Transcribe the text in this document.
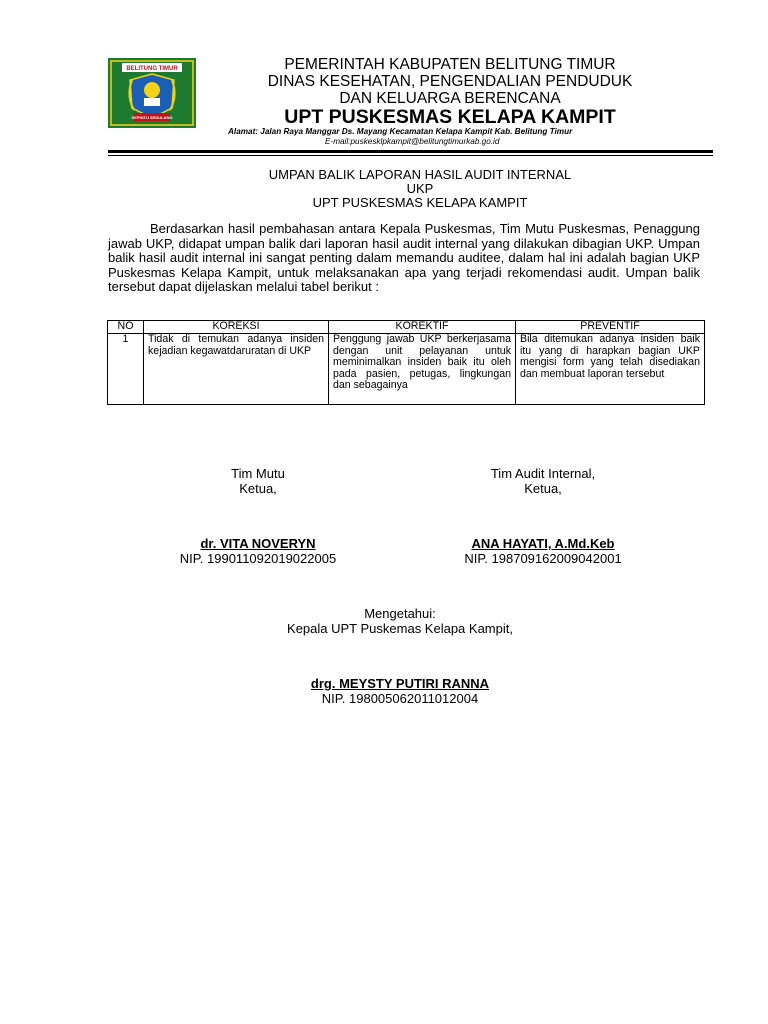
BELITUNG TIMUR
SEPINTU SEDULANG
PEMERINTAH KABUPATEN BELITUNG TIMUR
DINAS KESEHATAN, PENGENDALIAN PENDUDUK
DAN KELUARGA BERENCANA
UPT PUSKESMAS KELAPA KAMPIT
Alamat: Jalan Raya Manggar Ds. Mayang Kecamatan Kelapa Kampit Kab. Belitung Timur
E-mail:puskesklpkampit@belitungtimurkab.go.id
UMPAN BALIK LAPORAN HASIL AUDIT INTERNAL
UKP
UPT PUSKESMAS KELAPA KAMPIT
Berdasarkan hasil pembahasan antara Kepala Puskesmas, Tim Mutu Puskesmas, Penaggung jawab UKP, didapat umpan balik dari laporan hasil audit internal yang dilakukan dibagian UKP. Umpan balik hasil audit internal ini sangat penting dalam memandu auditee, dalam hal ini adalah bagian UKP Puskesmas Kelapa Kampit, untuk melaksanakan apa yang terjadi rekomendasi audit. Umpan balik tersebut dapat dijelaskan melalui tabel berikut :
NO	KOREKSI	KOREKTIF	PREVENTIF
1	Tidak di temukan adanya insiden kejadian kegawatdaruratan di UKP	Penggung jawab UKP berkerjasama dengan unit pelayanan untuk meminimalkan insiden baik itu oleh pada pasien, petugas, lingkungan dan sebagainya	Bila ditemukan adanya insiden baik itu yang di harapkan bagian UKP mengisi form yang telah disediakan dan membuat laporan tersebut
Tim Mutu
Ketua,
dr. VITA NOVERYN
NIP. 199011092019022005
Tim Audit Internal,
Ketua,
ANA HAYATI, A.Md.Keb
NIP. 198709162009042001
Mengetahui:
Kepala UPT Puskemas Kelapa Kampit,
drg. MEYSTY PUTIRI RANNA
NIP. 198005062011012004
